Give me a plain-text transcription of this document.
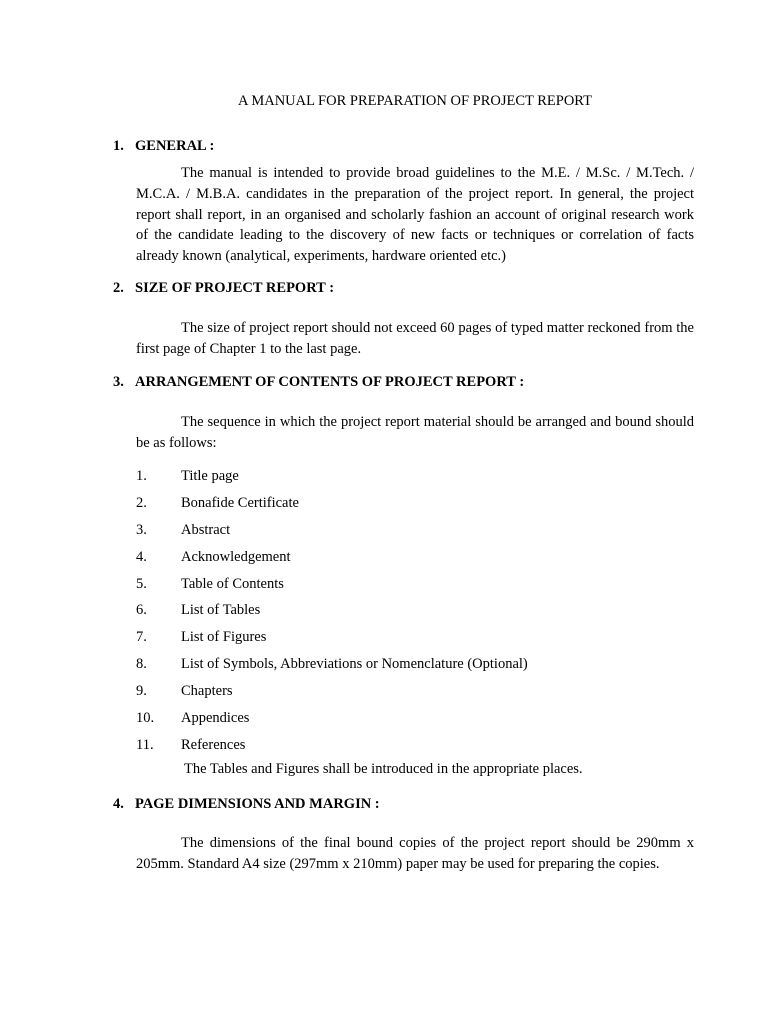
A MANUAL FOR PREPARATION OF PROJECT REPORT
1. GENERAL :
The manual is intended to provide broad guidelines to the M.E. / M.Sc. / M.Tech. / M.C.A. / M.B.A. candidates in the preparation of the project report. In general, the project report shall report, in an organised and scholarly fashion an account of original research work of the candidate leading to the discovery of new facts or techniques or correlation of facts already known (analytical, experiments, hardware oriented etc.)
2. SIZE OF PROJECT REPORT :
The size of project report should not exceed 60 pages of typed matter reckoned from the first page of Chapter 1 to the last page.
3. ARRANGEMENT OF CONTENTS OF PROJECT REPORT :
The sequence in which the project report material should be arranged and bound should be as follows:
1. Title page
2. Bonafide Certificate
3. Abstract
4. Acknowledgement
5. Table of Contents
6. List of Tables
7. List of Figures
8. List of Symbols, Abbreviations or Nomenclature (Optional)
9. Chapters
10. Appendices
11. References
The Tables and Figures shall be introduced in the appropriate places.
4. PAGE DIMENSIONS AND MARGIN :
The dimensions of the final bound copies of the project report should be 290mm x 205mm. Standard A4 size (297mm x 210mm) paper may be used for preparing the copies.
